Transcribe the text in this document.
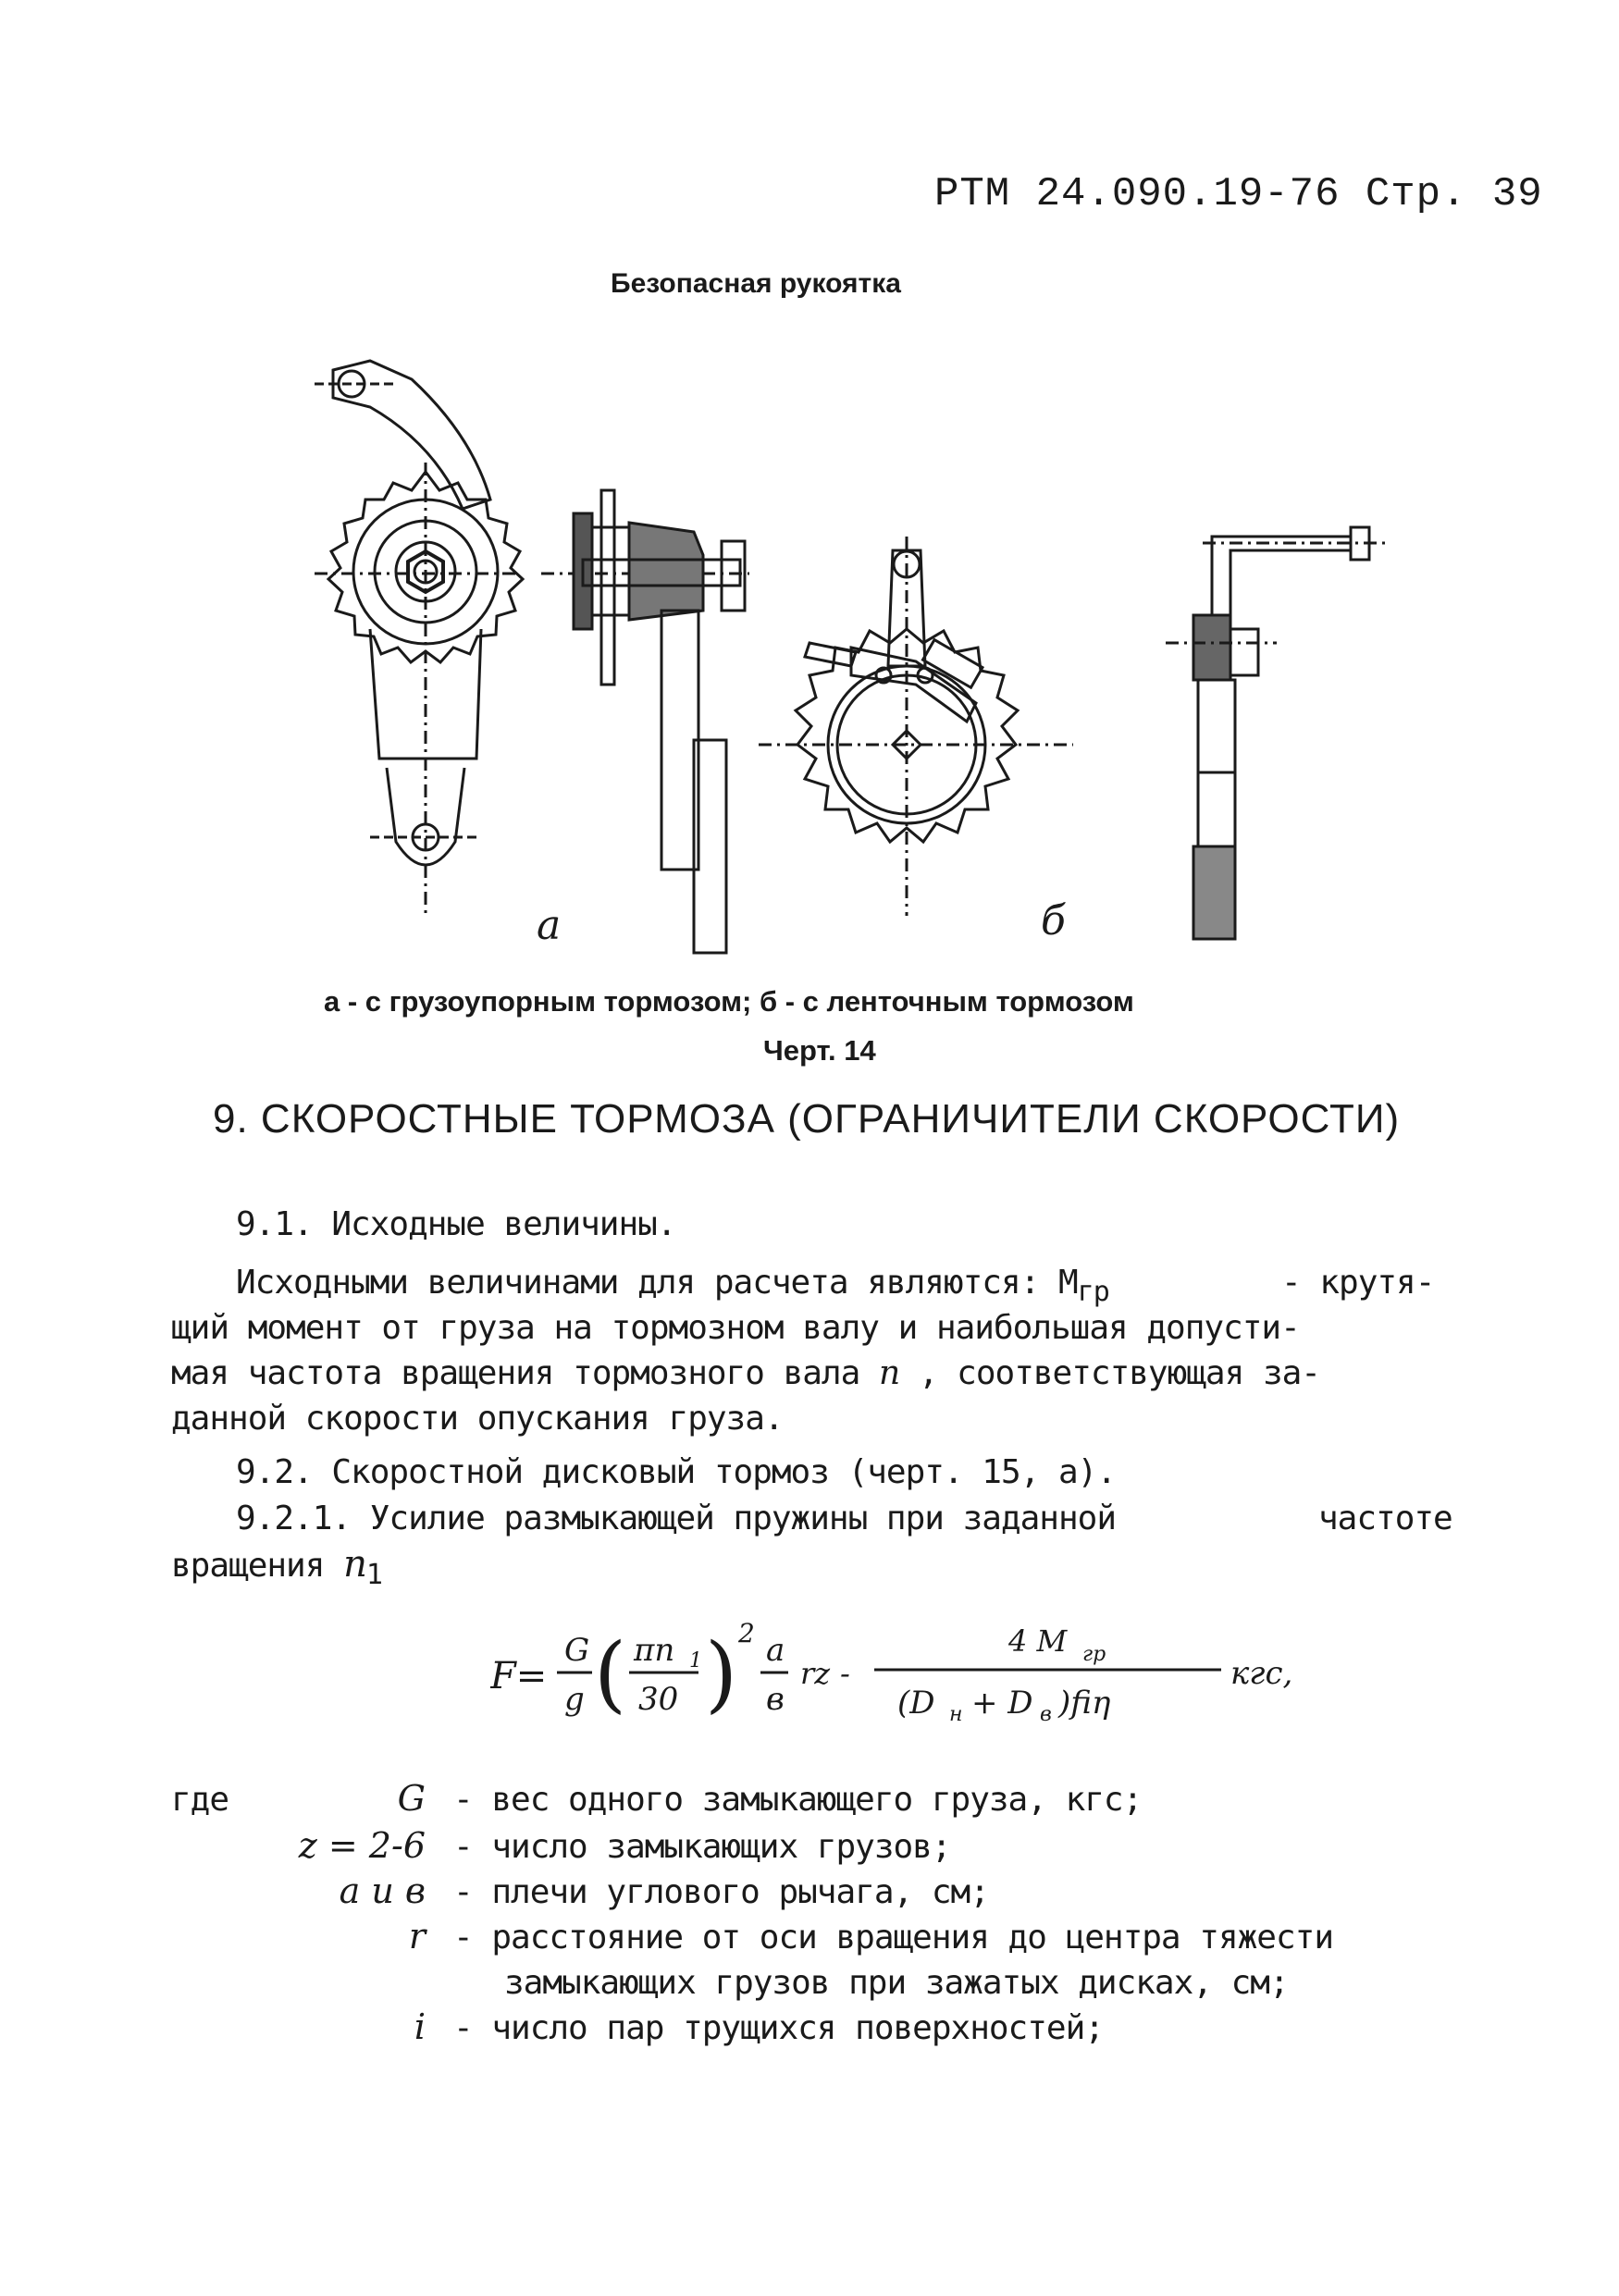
РТМ 24.090.19-76 Стр. 39
Безопасная рукоятка
а	б
а - с грузоупорным тормозом; б - с ленточным тормозом
Черт. 14
9. СКОРОСТНЫЕ ТОРМОЗА (ОГРАНИЧИТЕЛИ СКОРОСТИ)
9.1. Исходные величины.
Исходными величинами для расчета являются: $М_{гр}$	- крутя-
щий момент от груза на тормозном валу и наибольшая допусти-
мая частота вращения тормозного вала n , соответствующая за-
данной скорости опускания груза.
9.2. Скоростной дисковый тормоз (черт. 15, а).
9.2.1. Усилие размыкающей пружины при заданной	частоте
вращения $n_1$
F=
G
g ( πn 1
30 ) 2 a
в
rz -
4 M гр
(D н + D в )fiη
кгс,
где	G - вес одного замыкающего груза, кгс;
z = 2-6 - число замыкающих грузов;
a и в - плечи углового рычага, см;
r - расстояние от оси вращения до центра тяжести
замыкающих грузов при зажатых дисках, см;
i - число пар трущихся поверхностей;
